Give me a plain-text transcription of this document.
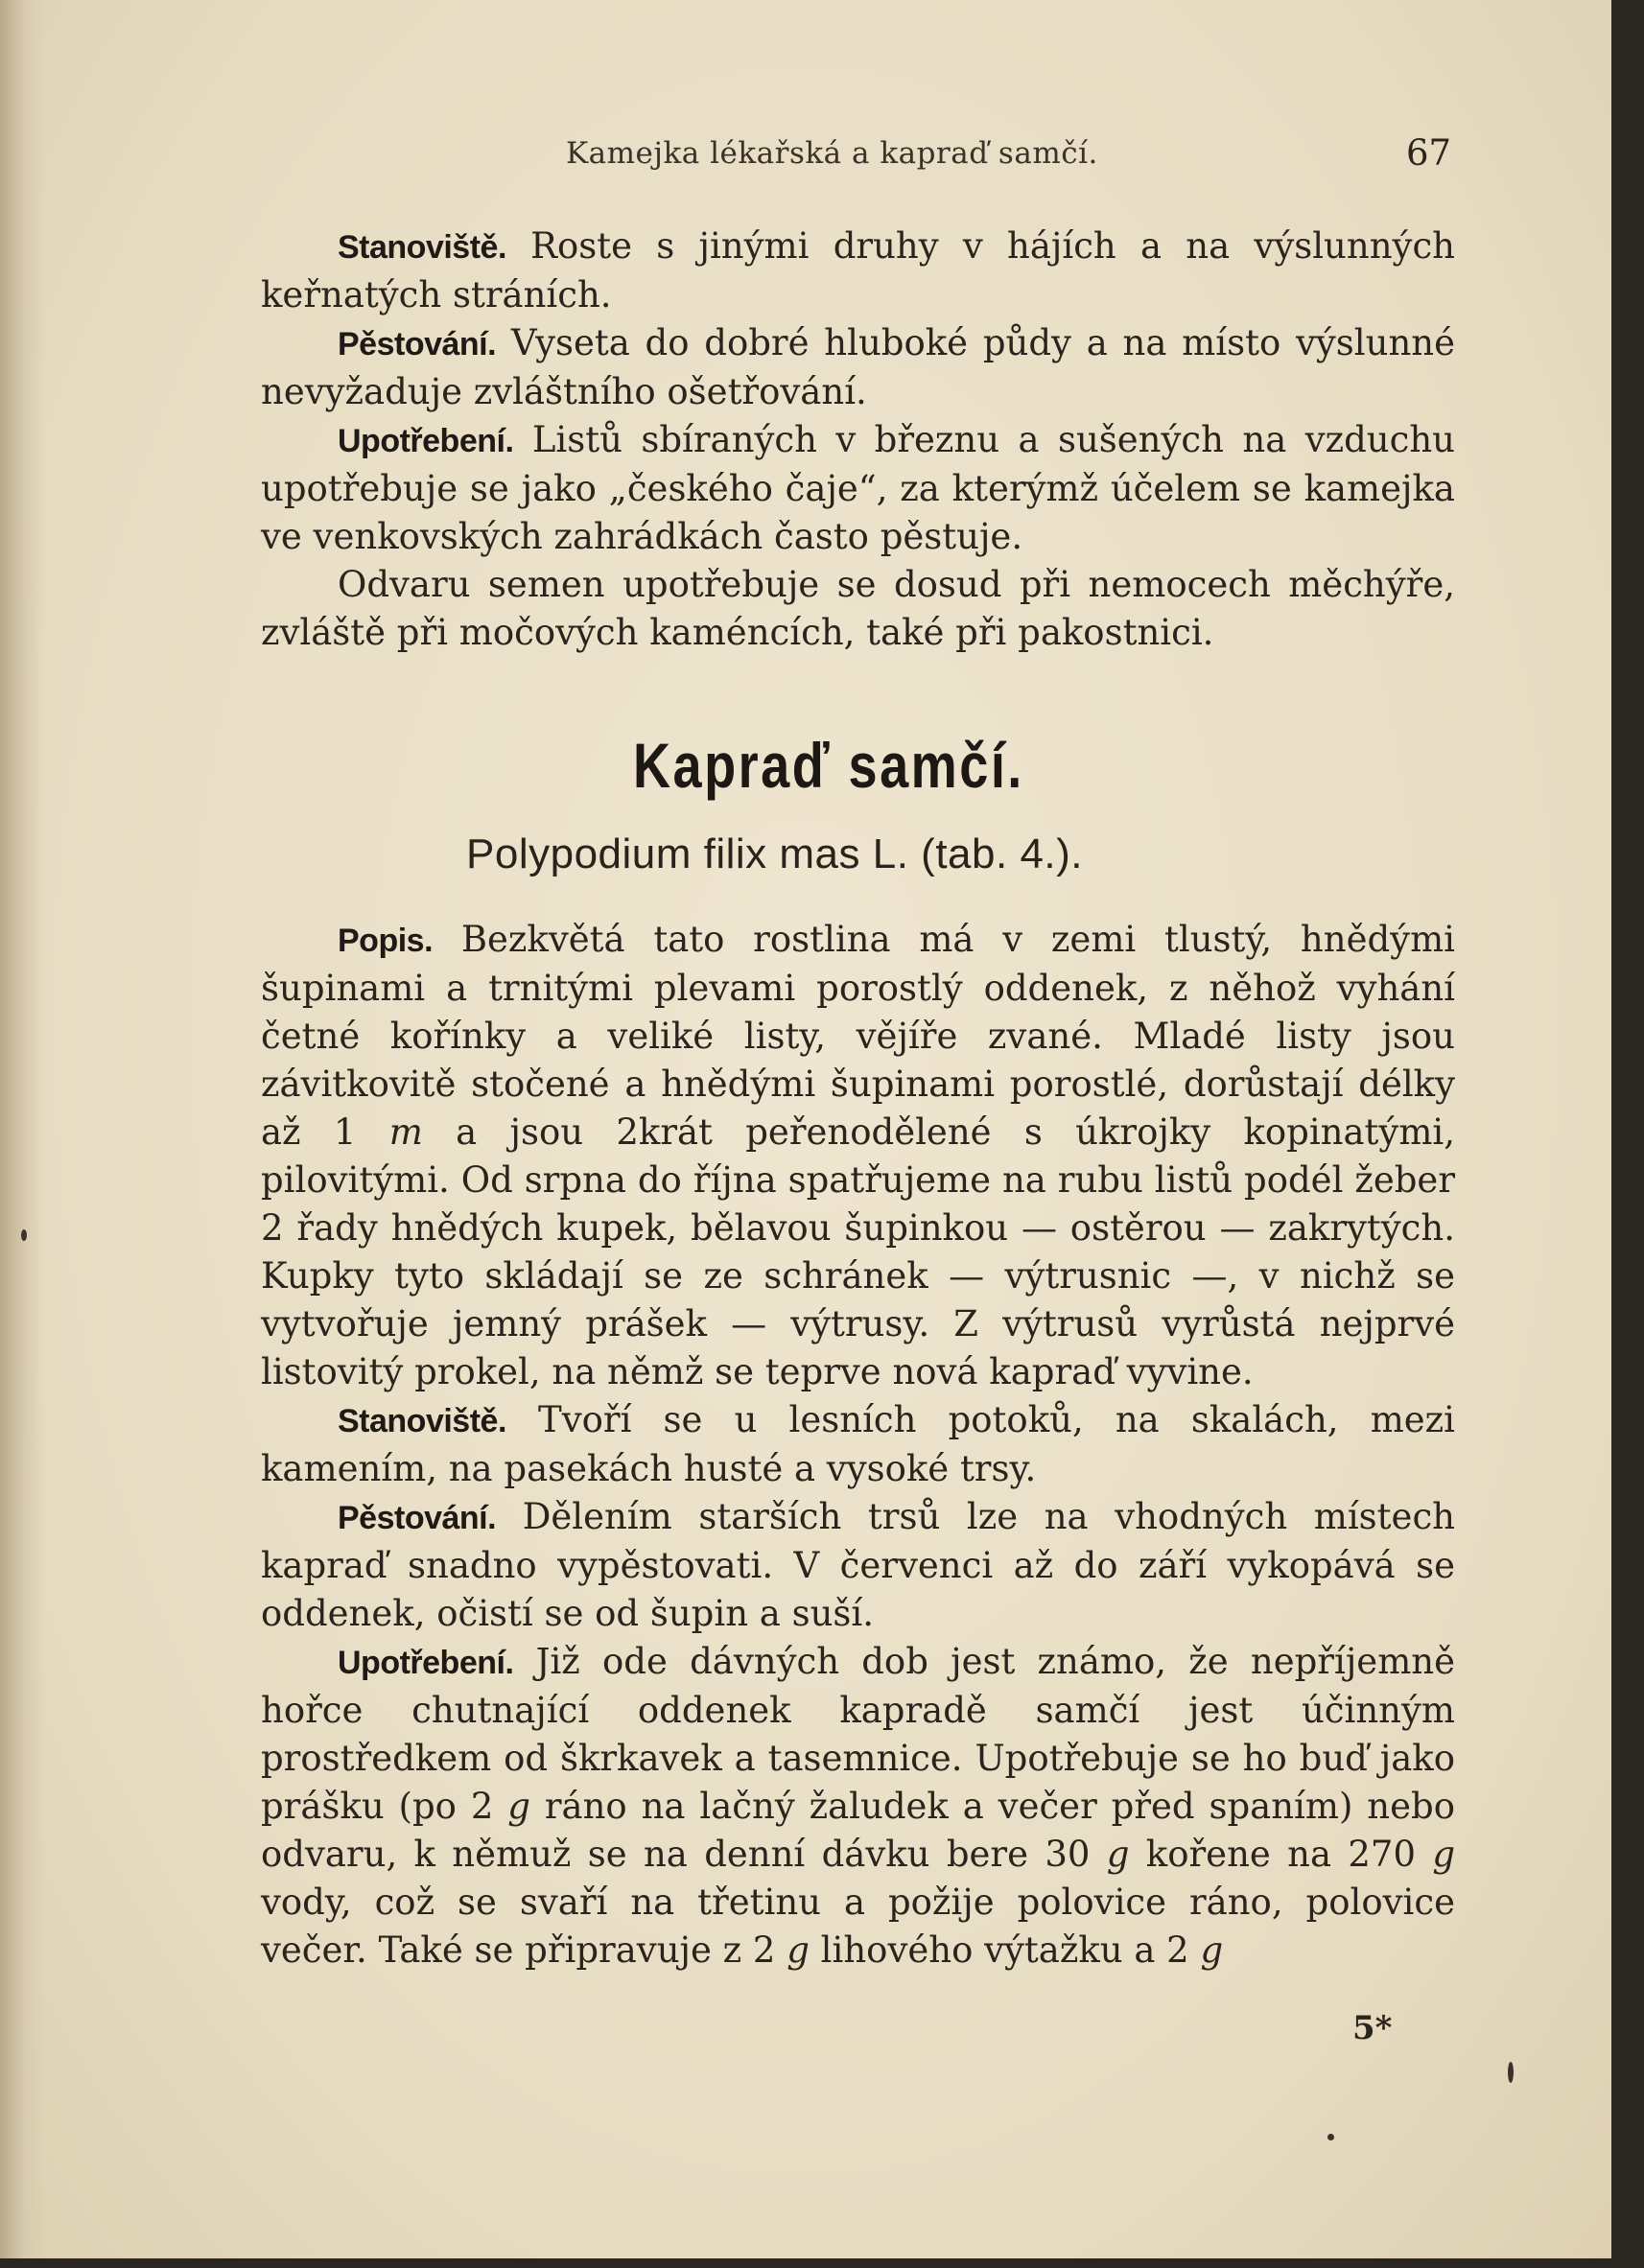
Kamejka lékařská a kapraď samčí.	67

Stanoviště. Roste s jinými druhy v hájích a na výslunných keřnatých stráních.

Pěstování. Vyseta do dobré hluboké půdy a na místo výslunné nevyžaduje zvláštního ošetřování.

Upotřebení. Listů sbíraných v březnu a sušených na vzduchu upotřebuje se jako „českého čaje“, za kterýmž účelem se kamejka ve venkovských zahrádkách často pěstuje.

Odvaru semen upotřebuje se dosud při nemocech měchýře, zvláště při močových kaméncích, také při pakostnici.

Kapraď samčí.
Polypodium filix mas L. (tab. 4.).

Popis. Bezkvětá tato rostlina má v zemi tlustý, hnědými šupinami a trnitými plevami porostlý oddenek, z něhož vyhání četné kořínky a veliké listy, vějíře zvané. Mladé listy jsou závitkovitě stočené a hnědými šupinami porostlé, dorůstají délky až 1 m a jsou 2krát peřenodělené s úkrojky kopinatými, pilovitými. Od srpna do října spatřujeme na rubu listů podél žeber 2 řady hnědých kupek, bělavou šupinkou — ostěrou — zakrytých. Kupky tyto skládají se ze schránek — výtrusnic —, v nichž se vytvořuje jemný prášek — výtrusy. Z výtrusů vyrůstá nejprvé listovitý prokel, na němž se teprve nová kapraď vyvine.

Stanoviště. Tvoří se u lesních potoků, na skalách, mezi kamením, na pasekách husté a vysoké trsy.

Pěstování. Dělením starších trsů lze na vhodných místech kapraď snadno vypěstovati. V červenci až do září vykopává se oddenek, očistí se od šupin a suší.

Upotřebení. Již ode dávných dob jest známo, že nepříjemně hořce chutnající oddenek kapradě samčí jest účinným prostředkem od škrkavek a tasemnice. Upotřebuje se ho buď jako prášku (po 2 g ráno na lačný žaludek a večer před spaním) nebo odvaru, k němuž se na denní dávku bere 30 g kořene na 270 g vody, což se svaří na třetinu a požije polovice ráno, polovice večer. Také se připravuje z 2 g lihového výtažku a 2 g

5*
